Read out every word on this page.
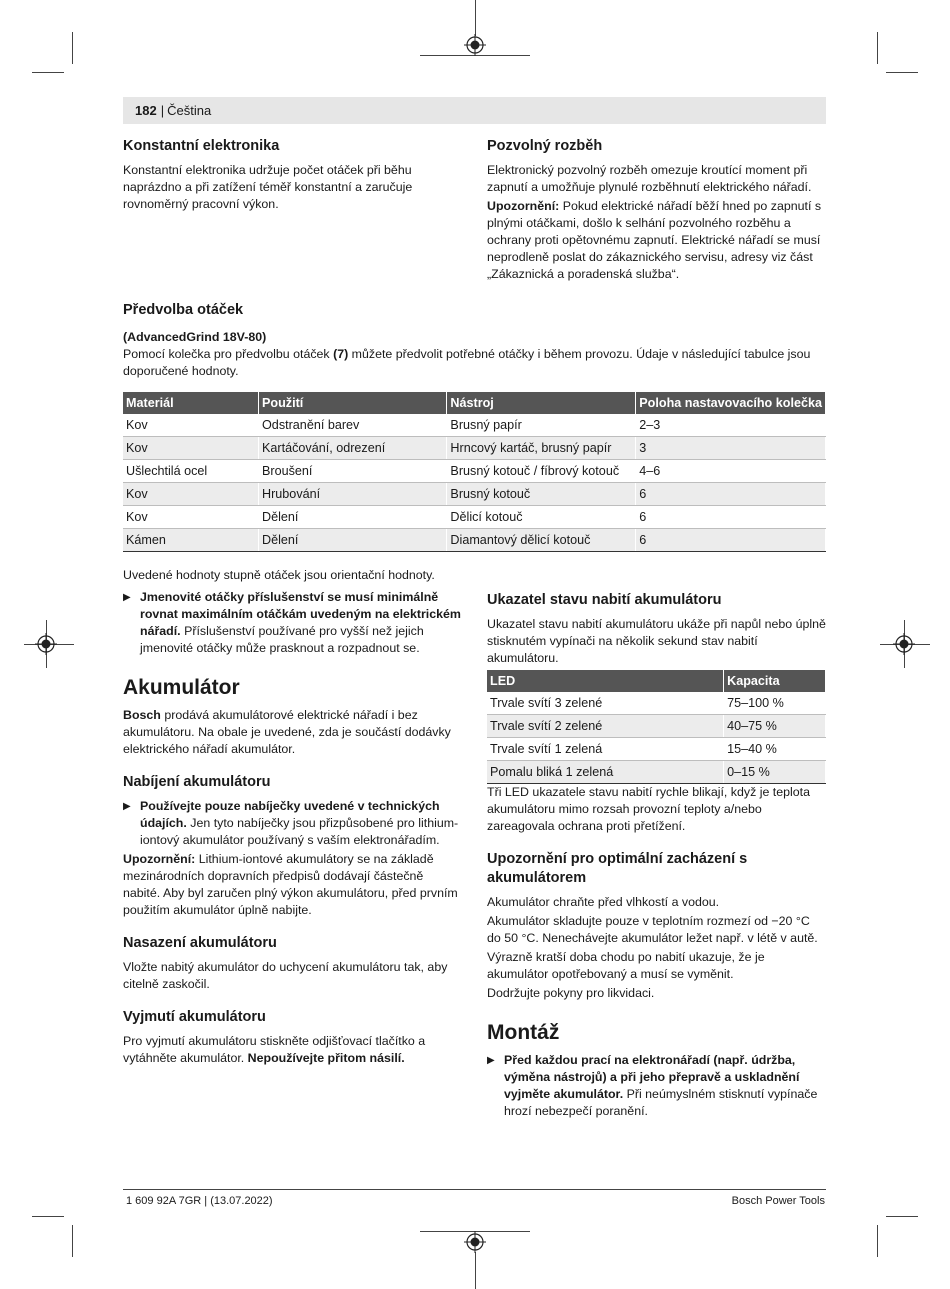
182 | Čeština
Konstantní elektronika

Konstantní elektronika udržuje počet otáček při běhu naprázdno a při zatížení téměř konstantní a zaručuje rovnoměrný pracovní výkon.

Pozvolný rozběh

Elektronický pozvolný rozběh omezuje kroutící moment při zapnutí a umožňuje plynulé rozběhnutí elektrického nářadí.

Upozornění: Pokud elektrické nářadí běží hned po zapnutí s plnými otáčkami, došlo k selhání pozvolného rozběhu a ochrany proti opětovnému zapnutí. Elektrické nářadí se musí neprodleně poslat do zákaznického servisu, adresy viz část „Zákaznická a poradenská služba“.

Předvolba otáček

(AdvancedGrind 18V-80)

Pomocí kolečka pro předvolbu otáček (7) můžete předvolit potřebné otáčky i během provozu. Údaje v následující tabulce jsou doporučené hodnoty.

Materiál	Použití	Nástroj	Poloha nastavovacího kolečka
Kov	Odstranění barev	Brusný papír	2–3
Kov	Kartáčování, odrezení	Hrncový kartáč, brusný papír	3
Ušlechtilá ocel	Broušení	Brusný kotouč / fíbrový kotouč	4–6
Kov	Hrubování	Brusný kotouč	6
Kov	Dělení	Dělicí kotouč	6
Kámen	Dělení	Diamantový dělicí kotouč	6

Uvedené hodnoty stupně otáček jsou orientační hodnoty.

▶ Jmenovité otáčky příslušenství se musí minimálně rovnat maximálním otáčkám uvedeným na elektrickém nářadí. Příslušenství používané pro vyšší než jejich jmenovité otáčky může prasknout a rozpadnout se.

Akumulátor

Bosch prodává akumulátorové elektrické nářadí i bez akumulátoru. Na obale je uvedené, zda je součástí dodávky elektrického nářadí akumulátor.

Nabíjení akumulátoru

▶ Používejte pouze nabíječky uvedené v technických údajích. Jen tyto nabíječky jsou přizpůsobené pro lithium-iontový akumulátor používaný s vaším elektronářadím.

Upozornění: Lithium-iontové akumulátory se na základě mezinárodních dopravních předpisů dodávají částečně nabité. Aby byl zaručen plný výkon akumulátoru, před prvním použitím akumulátor úplně nabijte.

Nasazení akumulátoru

Vložte nabitý akumulátor do uchycení akumulátoru tak, aby citelně zaskočil.

Vyjmutí akumulátoru

Pro vyjmutí akumulátoru stiskněte odjišťovací tlačítko a vytáhněte akumulátor. Nepoužívejte přitom násilí.

Ukazatel stavu nabití akumulátoru

Ukazatel stavu nabití akumulátoru ukáže při napůl nebo úplně stisknutém vypínači na několik sekund stav nabití akumulátoru.

LED	Kapacita
Trvale svítí 3 zelené	75–100 %
Trvale svítí 2 zelené	40–75 %
Trvale svítí 1 zelená	15–40 %
Pomalu bliká 1 zelená	0–15 %

Tři LED ukazatele stavu nabití rychle blikají, když je teplota akumulátoru mimo rozsah provozní teploty a/nebo zareagovala ochrana proti přetížení.

Upozornění pro optimální zacházení s akumulátorem

Akumulátor chraňte před vlhkostí a vodou.

Akumulátor skladujte pouze v teplotním rozmezí od −20 °C do 50 °C. Nenechávejte akumulátor ležet např. v létě v autě.

Výrazně kratší doba chodu po nabití ukazuje, že je akumulátor opotřebovaný a musí se vyměnit.

Dodržujte pokyny pro likvidaci.

Montáž

▶ Před každou prací na elektronářadí (např. údržba, výměna nástrojů) a při jeho přepravě a uskladnění vyjměte akumulátor. Při neúmyslném stisknutí vypínače hrozí nebezpečí poranění.

1 609 92A 7GR | (13.07.2022)	Bosch Power Tools
